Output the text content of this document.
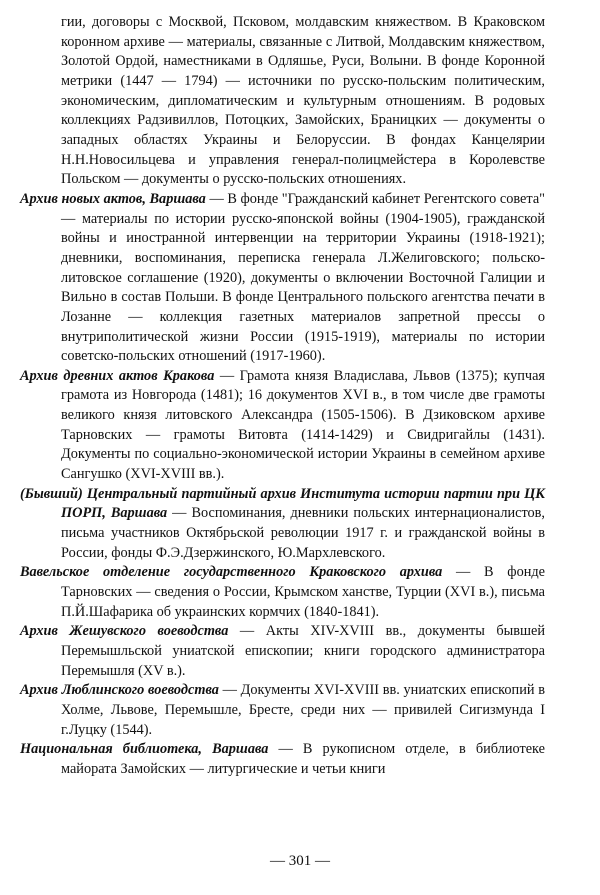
гии, договоры с Москвой, Псковом, молдавским княжеством. В Краковском коронном архиве — материалы, связанные с Литвой, Молдавским княжеством, Золотой Ордой, наместниками в Одляшье, Руси, Волыни. В фонде Коронной метрики (1447 — 1794) — источники по русско-польским политическим, экономическим, дипломатическим и культурным отношениям. В родовых коллекциях Радзивиллов, Потоцких, Замойских, Браницких — документы о западных областях Украины и Белоруссии. В фондах Канцелярии Н.Н.Новосильцева и управления генерал-полицмейстера в Королевстве Польском — документы о русско-польских отношениях.
Архив новых актов, Варшава — В фонде "Гражданский кабинет Регентского совета" — материалы по истории русско-японской войны (1904-1905), гражданской войны и иностранной интервенции на территории Украины (1918-1921); дневники, воспоминания, переписка генерала Л.Желиговского; польско-литовское соглашение (1920), документы о включении Восточной Галиции и Вильно в состав Польши. В фонде Центрального польского агентства печати в Лозанне — коллекция газетных материалов запретной прессы о внутриполитической жизни России (1915-1919), материалы по истории советско-польских отношений (1917-1960).
Архив древних актов Кракова — Грамота князя Владислава, Львов (1375); купчая грамота из Новгорода (1481); 16 документов XVI в., в том числе две грамоты великого князя литовского Александра (1505-1506). В Дзиковском архиве Тарновских — грамоты Витовта (1414-1429) и Свидригайлы (1431). Документы по социально-экономической истории Украины в семейном архиве Сангушко (XVI-XVIII вв.).
(Бывший) Центральный партийный архив Института истории партии при ЦК ПОРП, Варшава — Воспоминания, дневники польских интернационалистов, письма участников Октябрьской революции 1917 г. и гражданской войны в России, фонды Ф.Э.Дзержинского, Ю.Мархлевского.
Вавельское отделение государственного Краковского архива — В фонде Тарновских — сведения о России, Крымском ханстве, Турции (XVI в.), письма П.Й.Шафарика об украинских кормчих (1840-1841).
Архив Жешувского воеводства — Акты XIV-XVIII вв., документы бывшей Перемышльской униатской епископии; книги городского администратора Перемышля (XV в.).
Архив Люблинского воеводства — Документы XVI-XVIII вв. униатских епископий в Холме, Львове, Перемышле, Бресте, среди них — привилей Сигизмунда I г.Луцку (1544).
Национальная библиотека, Варшава — В рукописном отделе, в библиотеке майората Замойских — литургические и четьи книги
— 301 —
